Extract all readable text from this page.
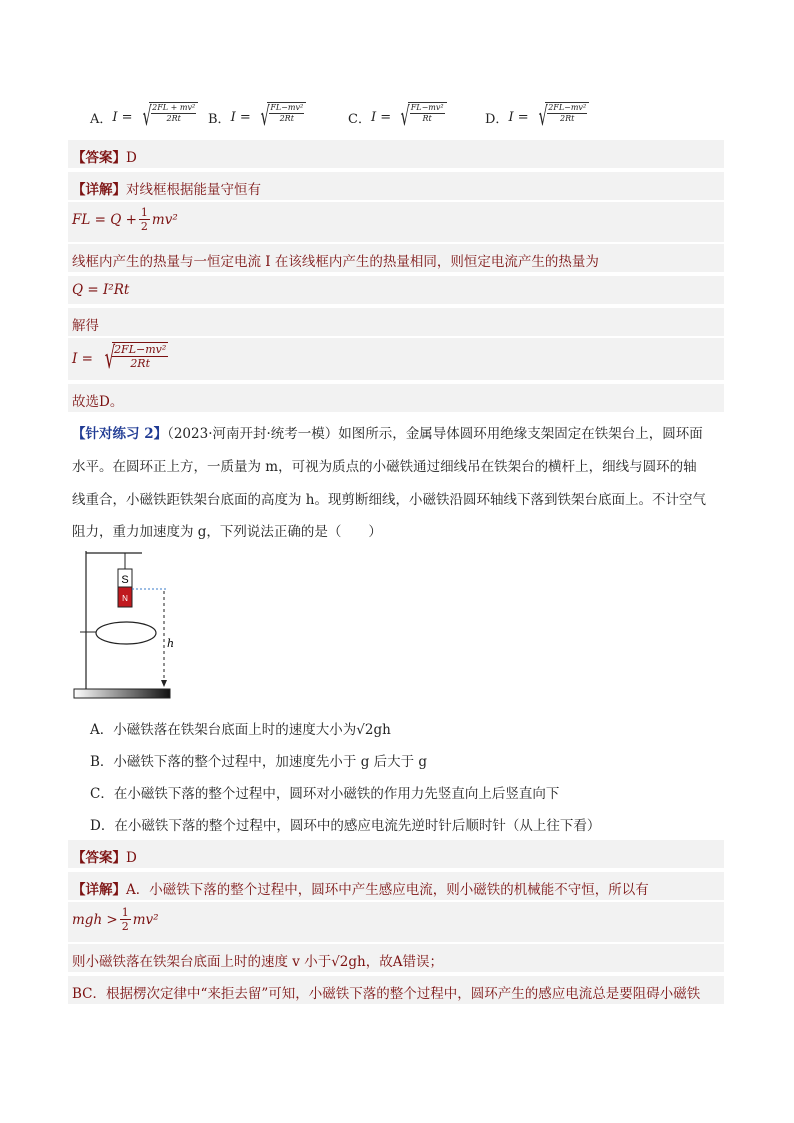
A． I = √
$\frac{\text{2FL + mv²}}{2Rt}$ B． I = √
$\frac{\text{FL−mv²}}{2Rt}$	C． I = √
$\frac{\text{FL−mv²}}{Rt}$	D． I = √
$\frac{\text{2FL−mv²}}{2Rt}$
【答案】D
【详解】对线框根据能量守恒有
FL = $Q + \frac{1}{2} mv^2$
线框内产生的热量与一恒定电流 I 在该线框内产生的热量相同，则恒定电流产生的热量为
Q = I²Rt
解得
I = √
$\frac{\text{2FL−mv²}}{2Rt}$
故选D。
【针对练习 2】（2023·河南开封·统考一模）如图所示，金属导体圆环用绝缘支架固定在铁架台上，圆环面
水平。在圆环正上方，一质量为 m，可视为质点的小磁铁通过细线吊在铁架台的横杆上，细线与圆环的轴
线重合，小磁铁距铁架台底面的高度为 h。现剪断细线，小磁铁沿圆环轴线下落到铁架台底面上。不计空气
阻力，重力加速度为 g，下列说法正确的是（　　）
S
N
h
A．小磁铁落在铁架台底面上时的速度大小为√2gh
B．小磁铁下落的整个过程中，加速度先小于 g 后大于 g
C．在小磁铁下落的整个过程中，圆环对小磁铁的作用力先竖直向上后竖直向下
D．在小磁铁下落的整个过程中，圆环中的感应电流先逆时针后顺时针（从上往下看）
【答案】D
【详解】A．小磁铁下落的整个过程中，圆环中产生感应电流，则小磁铁的机械能不守恒，所以有
mgh > $\frac{1}{2} mv^2$
则小磁铁落在铁架台底面上时的速度 v 小于√2gh，故A错误；
BC．根据楞次定律中“来拒去留”可知，小磁铁下落的整个过程中，圆环产生的感应电流总是要阻碍小磁铁
